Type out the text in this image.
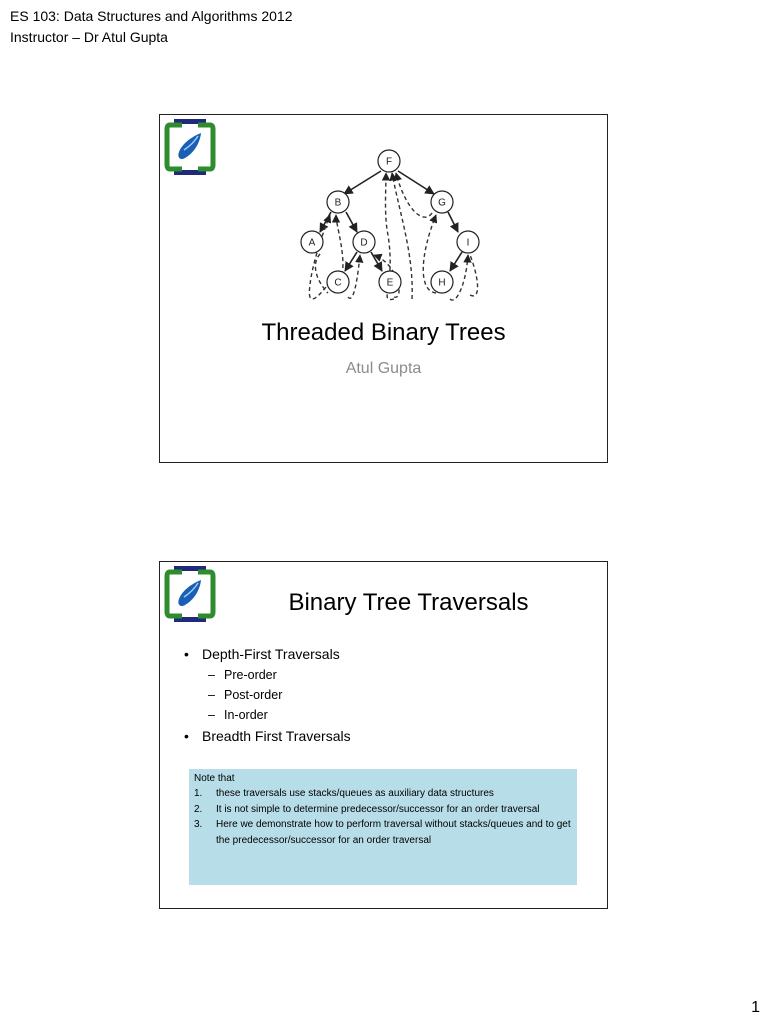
ES 103: Data Structures and Algorithms 2012
Instructor – Dr Atul Gupta
F
B	G
A	D	I
C	E	H
Threaded Binary Trees
Atul Gupta
Binary Tree Traversals
• Depth-First Traversals
– Pre-order
– Post-order
– In-order
• Breadth First Traversals
Note that
1. these traversals use stacks/queues as auxiliary data structures
2. It is not simple to determine predecessor/successor for an order traversal
3. Here we demonstrate how to perform traversal without stacks/queues and to get the predecessor/successor for an order traversal
1
